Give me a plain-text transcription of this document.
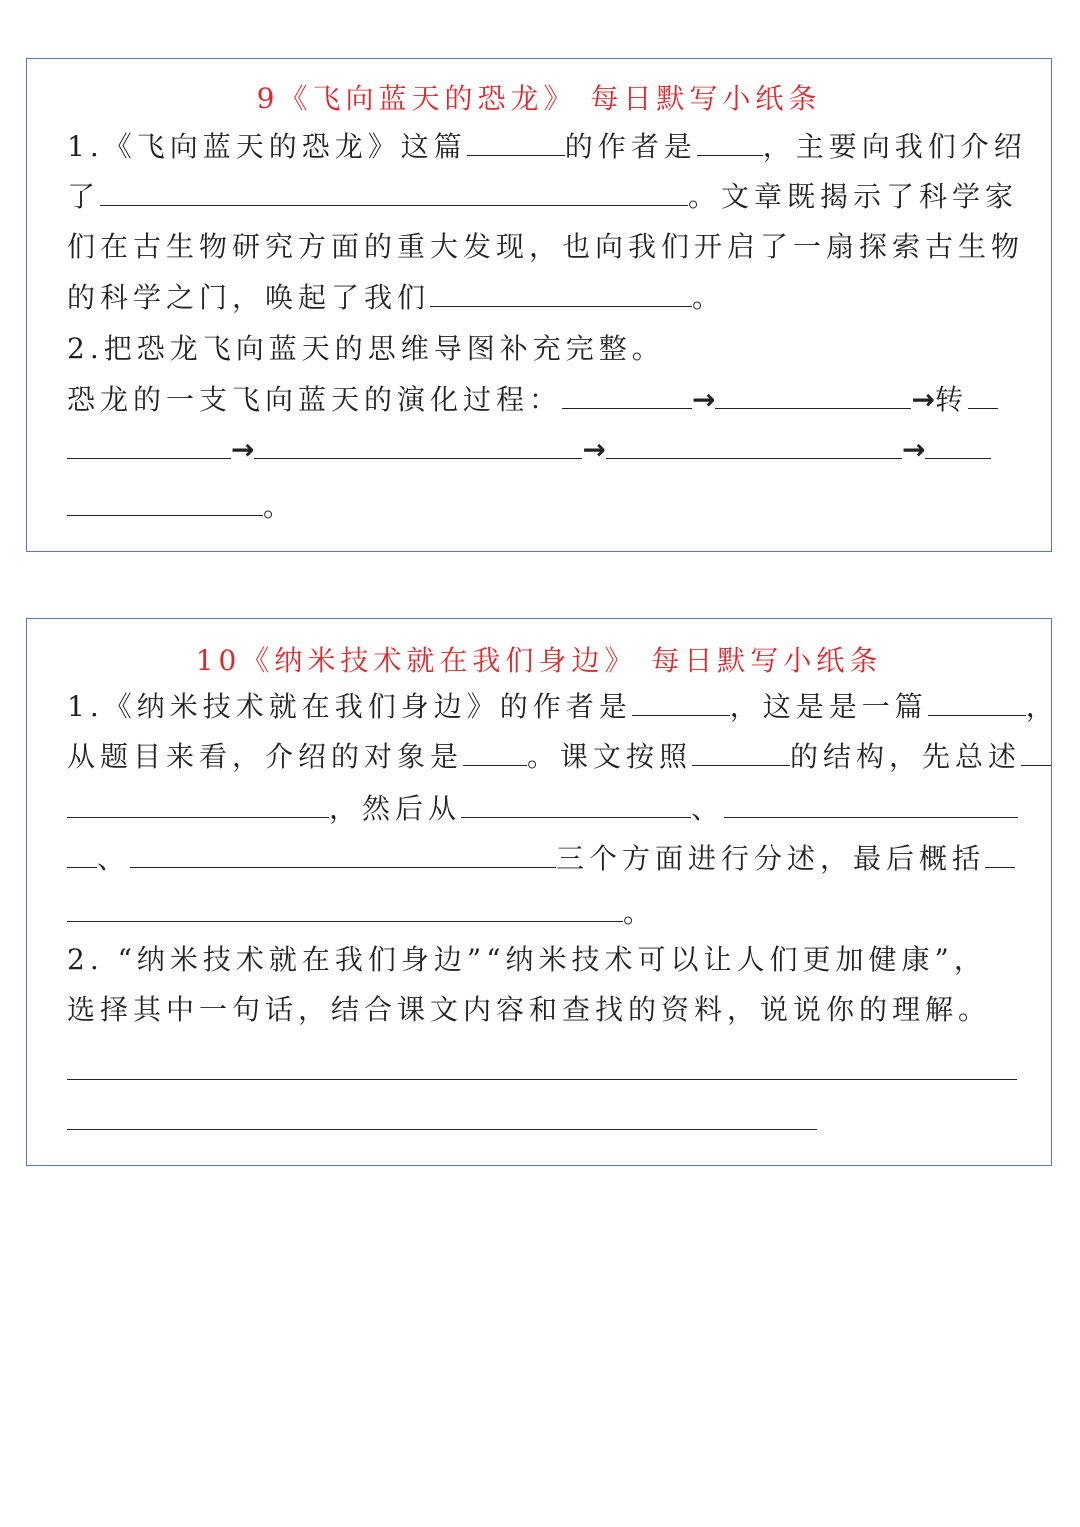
9《飞向蓝天的恐龙》 每日默写小纸条
1.《飞向蓝天的恐龙》这篇	的作者是 ，主要向我们介绍
了	。文章既揭示了科学家
们在古生物研究方面的重大发现，也向我们开启了一扇探索古生物
的科学之门，唤起了我们	。
2.把恐龙飞向蓝天的思维导图补充完整。
恐龙的一支飞向蓝天的演化过程：	→	→转
→	→	→
。
10《纳米技术就在我们身边》 每日默写小纸条
1.《纳米技术就在我们身边》的作者是	，这是是一篇	，
从题目来看，介绍的对象是 。课文按照	的结构，先总述
，然后从	、
、	三个方面进行分述，最后概括
。
2. “纳米技术就在我们身边”“纳米技术可以让人们更加健康”，
选择其中一句话，结合课文内容和查找的资料，说说你的理解。
